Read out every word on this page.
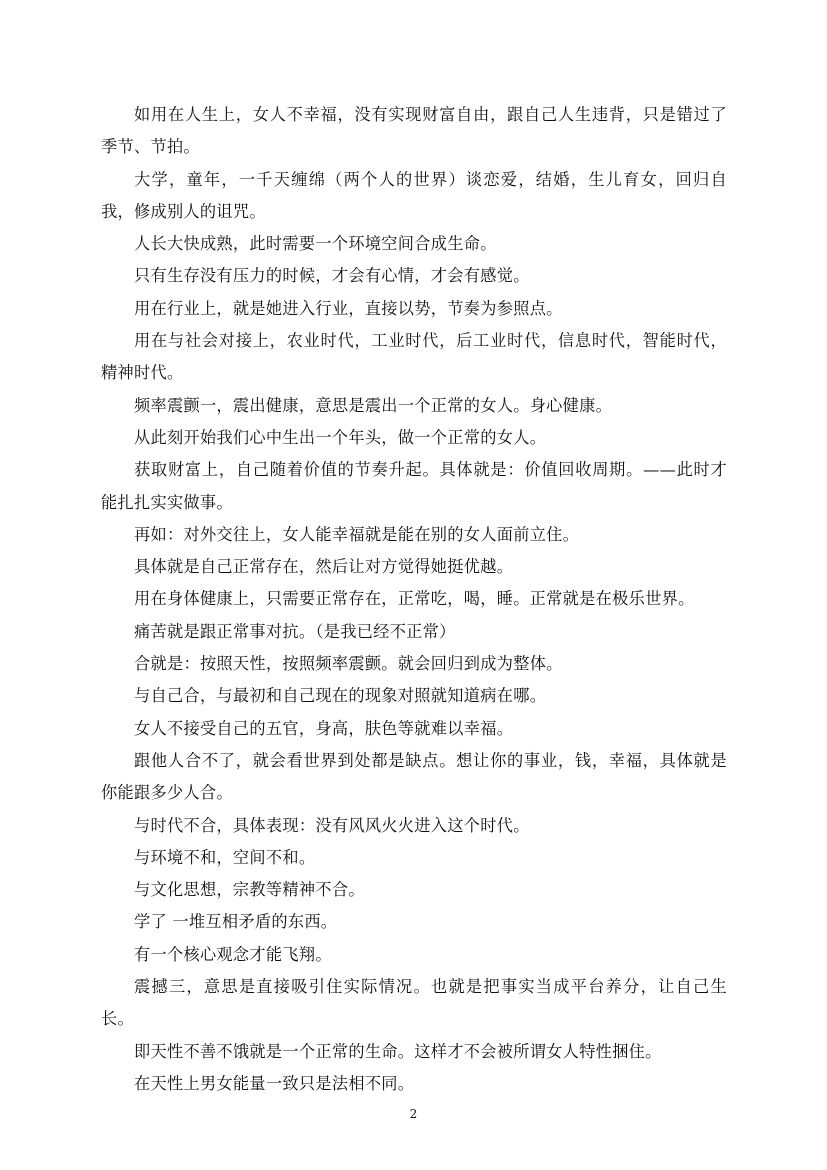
如用在人生上，女人不幸福，没有实现财富自由，跟自己人生违背，只是错过了季节、节拍。

大学，童年，一千天缠绵（两个人的世界）谈恋爱，结婚，生儿育女，回归自我，修成别人的诅咒。

人长大快成熟，此时需要一个环境空间合成生命。

只有生存没有压力的时候，才会有心情，才会有感觉。

用在行业上，就是她进入行业，直接以势，节奏为参照点。

用在与社会对接上，农业时代，工业时代，后工业时代，信息时代，智能时代，精神时代。

频率震颤一，震出健康，意思是震出一个正常的女人。身心健康。

从此刻开始我们心中生出一个年头，做一个正常的女人。

获取财富上，自己随着价值的节奏升起。具体就是：价值回收周期。——此时才能扎扎实实做事。

再如：对外交往上，女人能幸福就是能在别的女人面前立住。

具体就是自己正常存在，然后让对方觉得她挺优越。

用在身体健康上，只需要正常存在，正常吃，喝，睡。正常就是在极乐世界。

痛苦就是跟正常事对抗。（是我已经不正常）

合就是：按照天性，按照频率震颤。就会回归到成为整体。

与自己合，与最初和自己现在的现象对照就知道病在哪。

女人不接受自己的五官，身高，肤色等就难以幸福。

跟他人合不了，就会看世界到处都是缺点。想让你的事业，钱，幸福，具体就是你能跟多少人合。

与时代不合，具体表现：没有风风火火进入这个时代。

与环境不和，空间不和。

与文化思想，宗教等精神不合。

学了 一堆互相矛盾的东西。

有一个核心观念才能飞翔。

震撼三，意思是直接吸引住实际情况。也就是把事实当成平台养分，让自己生长。

即天性不善不饿就是一个正常的生命。这样才不会被所谓女人特性捆住。

在天性上男女能量一致只是法相不同。

2
